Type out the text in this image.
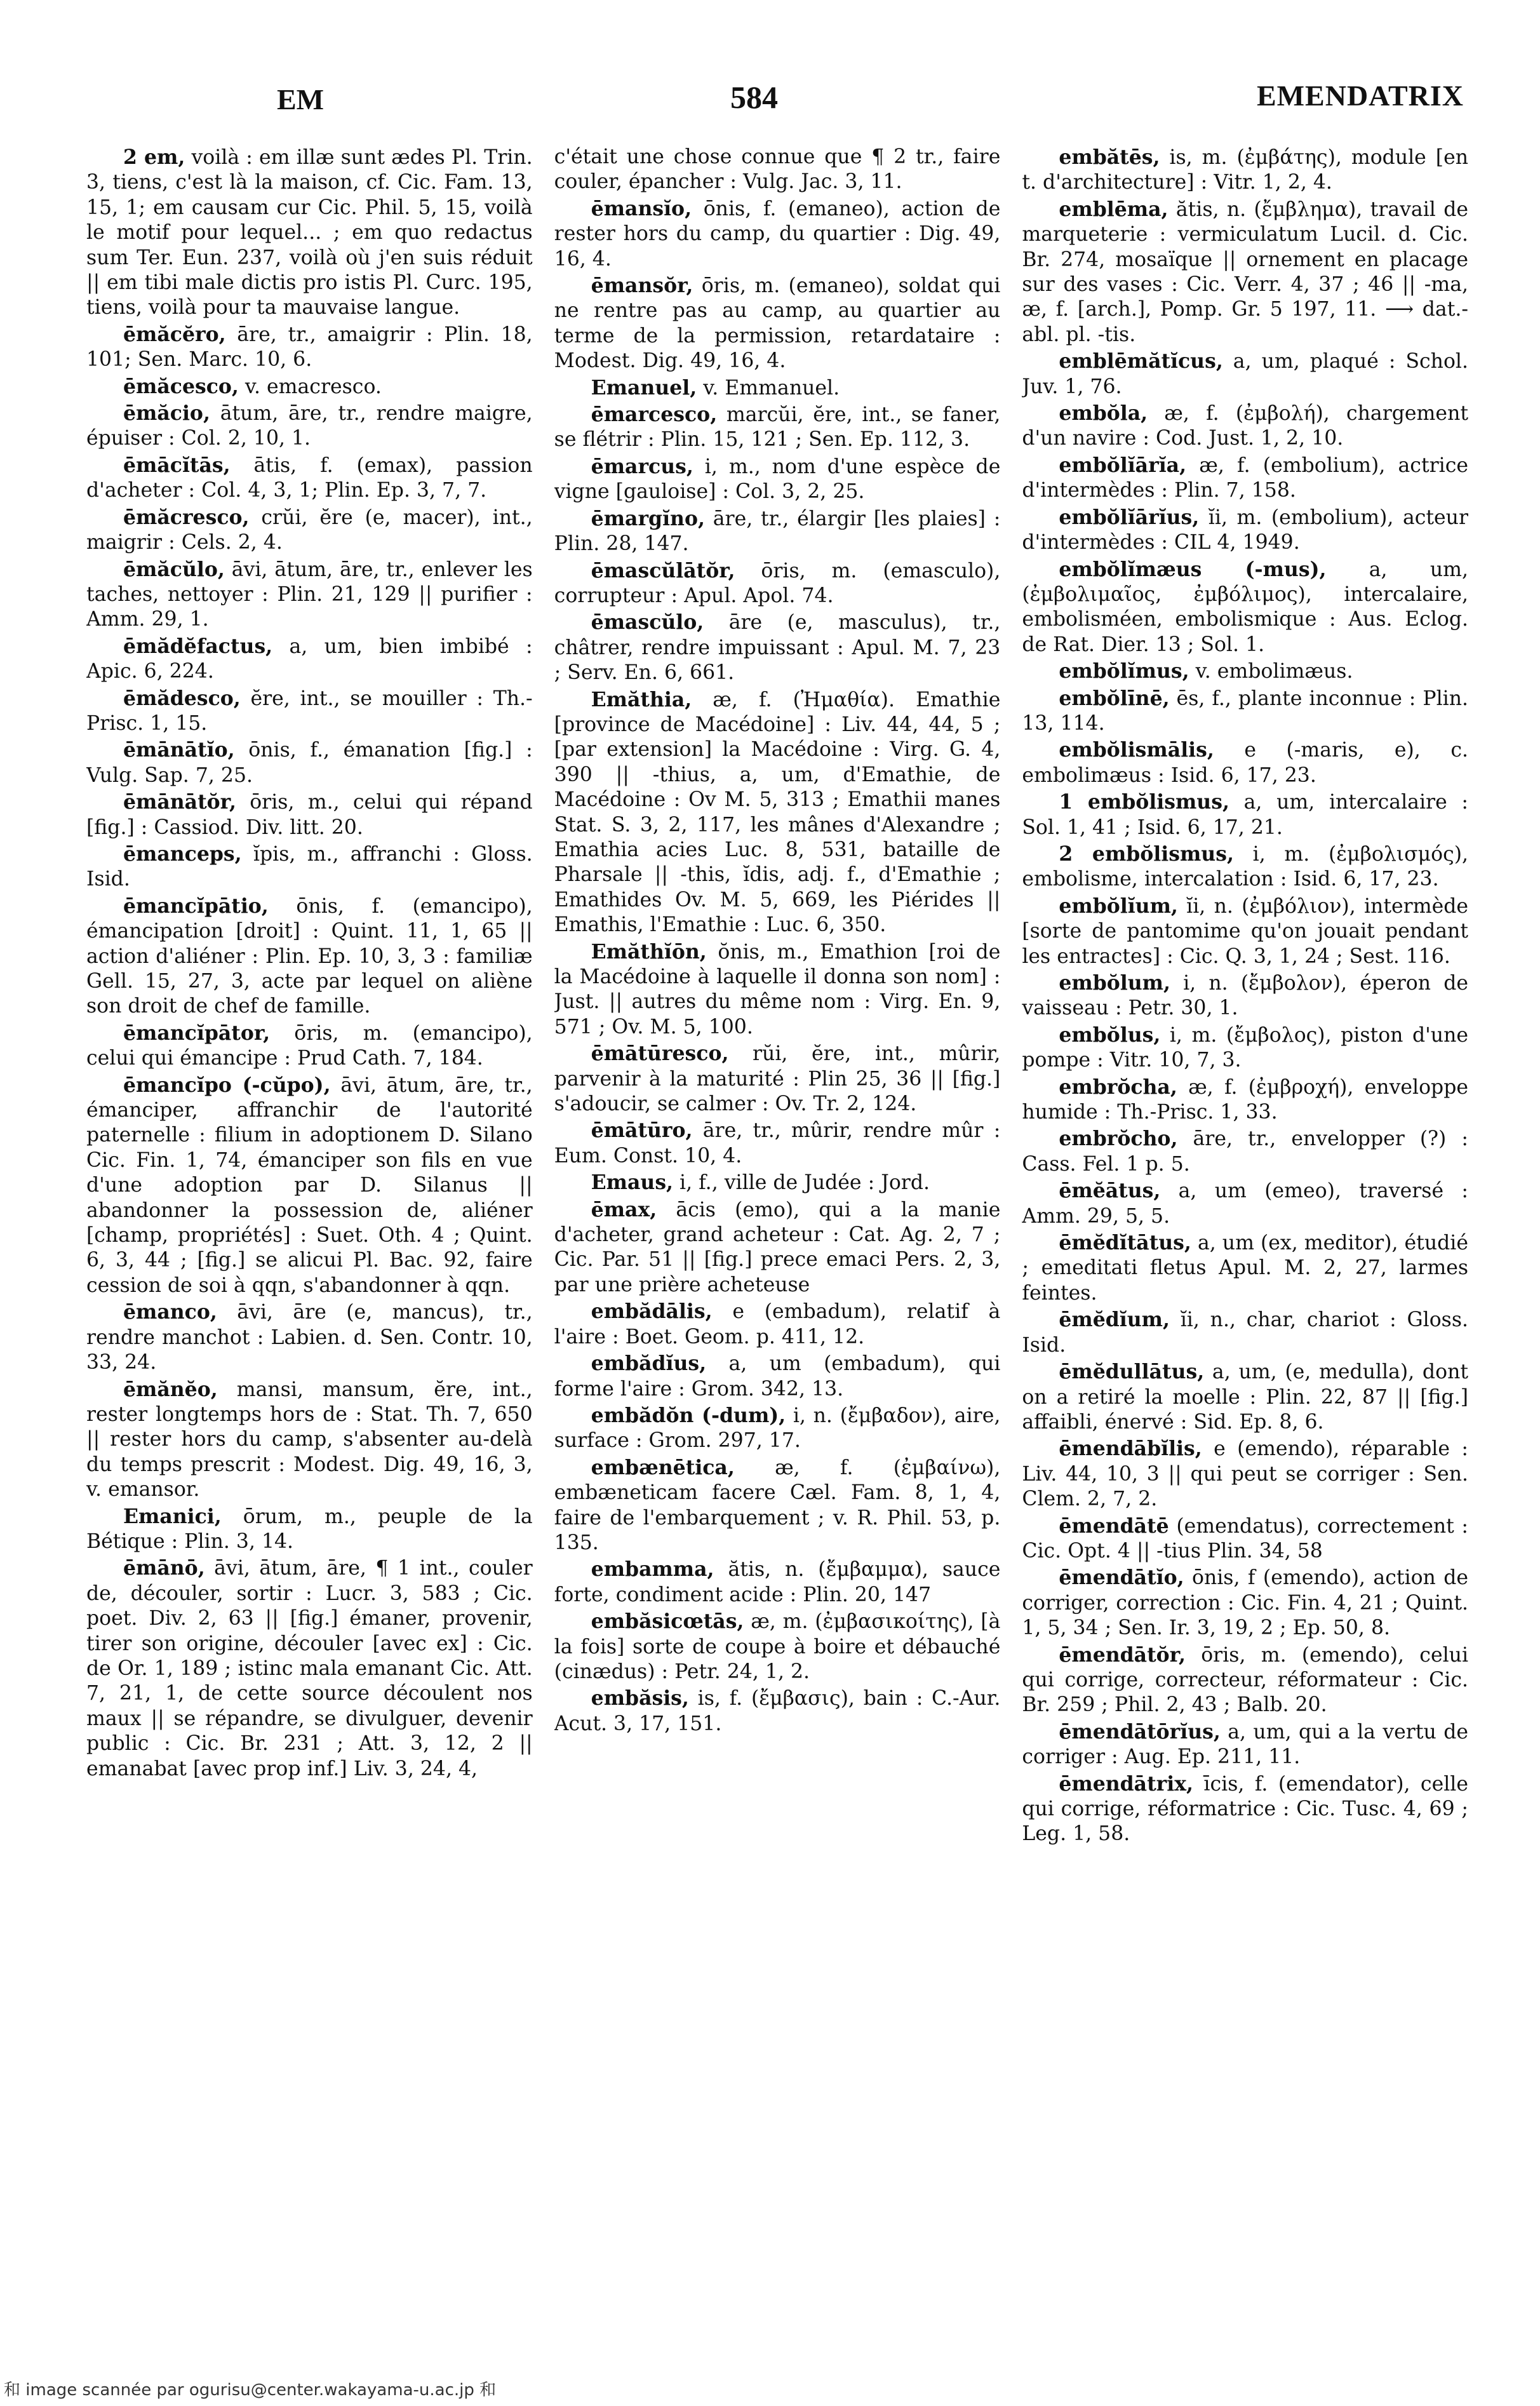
EM	584	EMENDATRIX

2 em, voilà : em illæ sunt ædes Pl. Trin. 3, tiens, c'est là la maison, cf. Cic. Fam. 13, 15, 1; em causam cur Cic. Phil. 5, 15, voilà le motif pour lequel... ; em quo redactus sum Ter. Eun. 237, voilà où j'en suis réduit || em tibi male dictis pro istis Pl. Curc. 195, tiens, voilà pour ta mauvaise langue.

ēmăcĕro, āre, tr., amaigrir : Plin. 18, 101; Sen. Marc. 10, 6.

ēmăcesco, v. emacresco.

ēmăcio, ātum, āre, tr., rendre maigre, épuiser : Col. 2, 10, 1.

ēmācĭtās, ātis, f. (emax), passion d'acheter : Col. 4, 3, 1; Plin. Ep. 3, 7, 7.

ēmăcresco, crŭi, ĕre (e, macer), int., maigrir : Cels. 2, 4.

ēmăcŭlo, āvi, ātum, āre, tr., enlever les taches, nettoyer : Plin. 21, 129 || purifier : Amm. 29, 1.

ēmădĕfactus, a, um, bien imbibé : Apic. 6, 224.

ēmădesco, ĕre, int., se mouiller : Th.-Prisc. 1, 15.

ēmānātĭo, ōnis, f., émanation [fig.] : Vulg. Sap. 7, 25.

ēmānātŏr, ōris, m., celui qui répand [fig.] : Cassiod. Div. litt. 20.

ēmanceps, ĭpis, m., affranchi : Gloss. Isid.

ēmancĭpātio, ōnis, f. (emancipo), émancipation [droit] : Quint. 11, 1, 65 || action d'aliéner : Plin. Ep. 10, 3, 3 : familiæ Gell. 15, 27, 3, acte par lequel on aliène son droit de chef de famille.

ēmancĭpātor, ōris, m. (emancipo), celui qui émancipe : Prud Cath. 7, 184.

ēmancĭpo (-cŭpo), āvi, ātum, āre, tr., émanciper, affranchir de l'autorité paternelle : filium in adoptionem D. Silano Cic. Fin. 1, 74, émanciper son fils en vue d'une adoption par D. Silanus || abandonner la possession de, aliéner [champ, propriétés] : Suet. Oth. 4 ; Quint. 6, 3, 44 ; [fig.] se alicui Pl. Bac. 92, faire cession de soi à qqn, s'abandonner à qqn.

ēmanco, āvi, āre (e, mancus), tr., rendre manchot : Labien. d. Sen. Contr. 10, 33, 24.

ēmănĕo, mansi, mansum, ĕre, int., rester longtemps hors de : Stat. Th. 7, 650 || rester hors du camp, s'absenter au-delà du temps prescrit : Modest. Dig. 49, 16, 3, v. emansor.

Emanici, ōrum, m., peuple de la Bétique : Plin. 3, 14.

ēmānō, āvi, ātum, āre, ¶ 1 int., couler de, découler, sortir : Lucr. 3, 583 ; Cic. poet. Div. 2, 63 || [fig.] émaner, provenir, tirer son origine, découler [avec ex] : Cic. de Or. 1, 189 ; istinc mala emanant Cic. Att. 7, 21, 1, de cette source découlent nos maux || se répandre, se divulguer, devenir public : Cic. Br. 231 ; Att. 3, 12, 2 || emanabat [avec prop inf.] Liv. 3, 24, 4,

c'était une chose connue que ¶ 2 tr., faire couler, épancher : Vulg. Jac. 3, 11.

ēmansĭo, ōnis, f. (emaneo), action de rester hors du camp, du quartier : Dig. 49, 16, 4.

ēmansŏr, ōris, m. (emaneo), soldat qui ne rentre pas au camp, au quartier au terme de la permission, retardataire : Modest. Dig. 49, 16, 4.

Emanuel, v. Emmanuel.

ēmarcesco, marcŭi, ĕre, int., se faner, se flétrir : Plin. 15, 121 ; Sen. Ep. 112, 3.

ēmarcus, i, m., nom d'une espèce de vigne [gauloise] : Col. 3, 2, 25.

ēmargĭno, āre, tr., élargir [les plaies] : Plin. 28, 147.

ēmascŭlātŏr, ōris, m. (emasculo), corrupteur : Apul. Apol. 74.

ēmascŭlo, āre (e, masculus), tr., châtrer, rendre impuissant : Apul. M. 7, 23 ; Serv. En. 6, 661.

Emăthia, æ, f. (Ἠμαθία). Emathie [province de Macédoine] : Liv. 44, 44, 5 ; [par extension] la Macédoine : Virg. G. 4, 390 || -thius, a, um, d'Emathie, de Macédoine : Ov M. 5, 313 ; Emathii manes Stat. S. 3, 2, 117, les mânes d'Alexandre ; Emathia acies Luc. 8, 531, bataille de Pharsale || -this, ĭdis, adj. f., d'Emathie ; Emathides Ov. M. 5, 669, les Piérides || Emathis, l'Emathie : Luc. 6, 350.

Emăthĭōn, ŏnis, m., Emathion [roi de la Macédoine à laquelle il donna son nom] : Just. || autres du même nom : Virg. En. 9, 571 ; Ov. M. 5, 100.

ēmātūresco, rŭi, ĕre, int., mûrir, parvenir à la maturité : Plin 25, 36 || [fig.] s'adoucir, se calmer : Ov. Tr. 2, 124.

ēmātūro, āre, tr., mûrir, rendre mûr : Eum. Const. 10, 4.

Emaus, i, f., ville de Judée : Jord.

ēmax, ācis (emo), qui a la manie d'acheter, grand acheteur : Cat. Ag. 2, 7 ; Cic. Par. 51 || [fig.] prece emaci Pers. 2, 3, par une prière acheteuse

embădālis, e (embadum), relatif à l'aire : Boet. Geom. p. 411, 12.

embădĭus, a, um (embadum), qui forme l'aire : Grom. 342, 13.

embădŏn (-dum), i, n. (ἔμβαδον), aire, surface : Grom. 297, 17.

embænētica, æ, f. (ἐμβαίνω), embæneticam facere Cæl. Fam. 8, 1, 4, faire de l'embarquement ; v. R. Phil. 53, p. 135.

embamma, ătis, n. (ἔμβαμμα), sauce forte, condiment acide : Plin. 20, 147

embăsicœtās, æ, m. (ἐμβασικοίτης), [à la fois] sorte de coupe à boire et débauché (cinædus) : Petr. 24, 1, 2.

embăsis, is, f. (ἔμβασις), bain : C.-Aur. Acut. 3, 17, 151.

embătēs, is, m. (ἐμβάτης), module [en t. d'architecture] : Vitr. 1, 2, 4.

emblēma, ătis, n. (ἔμβλημα), travail de marqueterie : vermiculatum Lucil. d. Cic. Br. 274, mosaïque || ornement en placage sur des vases : Cic. Verr. 4, 37 ; 46 || -ma, æ, f. [arch.], Pomp. Gr. 5 197, 11. ⟶ dat.-abl. pl. -tis.

emblēmătĭcus, a, um, plaqué : Schol. Juv. 1, 76.

embŏla, æ, f. (ἐμβολή), chargement d'un navire : Cod. Just. 1, 2, 10.

embŏlĭārĭa, æ, f. (embolium), actrice d'intermèdes : Plin. 7, 158.

embŏlĭārĭus, ĭi, m. (embolium), acteur d'intermèdes : CIL 4, 1949.

embŏlĭmæus (-mus), a, um, (ἐμβολιμαῖος, ἐμβόλιμος), intercalaire, embolisméen, embolismique : Aus. Eclog. de Rat. Dier. 13 ; Sol. 1.

embŏlĭmus, v. embolimæus.

embŏlīnē, ēs, f., plante inconnue : Plin. 13, 114.

embŏlismālis, e (-maris, e), c. embolimæus : Isid. 6, 17, 23.

1 embŏlismus, a, um, intercalaire : Sol. 1, 41 ; Isid. 6, 17, 21.

2 embŏlismus, i, m. (ἐμβολισμός), embolisme, intercalation : Isid. 6, 17, 23.

embŏlĭum, ĭi, n. (ἐμβόλιον), intermède [sorte de pantomime qu'on jouait pendant les entractes] : Cic. Q. 3, 1, 24 ; Sest. 116.

embŏlum, i, n. (ἔμβολον), éperon de vaisseau : Petr. 30, 1.

embŏlus, i, m. (ἔμβολος), piston d'une pompe : Vitr. 10, 7, 3.

embrŏcha, æ, f. (ἐμβροχή), enveloppe humide : Th.-Prisc. 1, 33.

embrŏcho, āre, tr., envelopper (?) : Cass. Fel. 1 p. 5.

ēmĕātus, a, um (emeo), traversé : Amm. 29, 5, 5.

ēmĕdĭtātus, a, um (ex, meditor), étudié ; emeditati fletus Apul. M. 2, 27, larmes feintes.

ēmĕdĭum, ĭi, n., char, chariot : Gloss. Isid.

ēmĕdullātus, a, um, (e, medulla), dont on a retiré la moelle : Plin. 22, 87 || [fig.] affaibli, énervé : Sid. Ep. 8, 6.

ēmendābĭlis, e (emendo), réparable : Liv. 44, 10, 3 || qui peut se corriger : Sen. Clem. 2, 7, 2.

ēmendātē (emendatus), correctement : Cic. Opt. 4 || -tius Plin. 34, 58

ēmendātĭo, ōnis, f (emendo), action de corriger, correction : Cic. Fin. 4, 21 ; Quint. 1, 5, 34 ; Sen. Ir. 3, 19, 2 ; Ep. 50, 8.

ēmendātŏr, ōris, m. (emendo), celui qui corrige, correcteur, réformateur : Cic. Br. 259 ; Phil. 2, 43 ; Balb. 20.

ēmendātōrĭus, a, um, qui a la vertu de corriger : Aug. Ep. 211, 11.

ēmendātrix, īcis, f. (emendator), celle qui corrige, réformatrice : Cic. Tusc. 4, 69 ; Leg. 1, 58.

和 image scannée par ogurisu@center.wakayama-u.ac.jp 和
